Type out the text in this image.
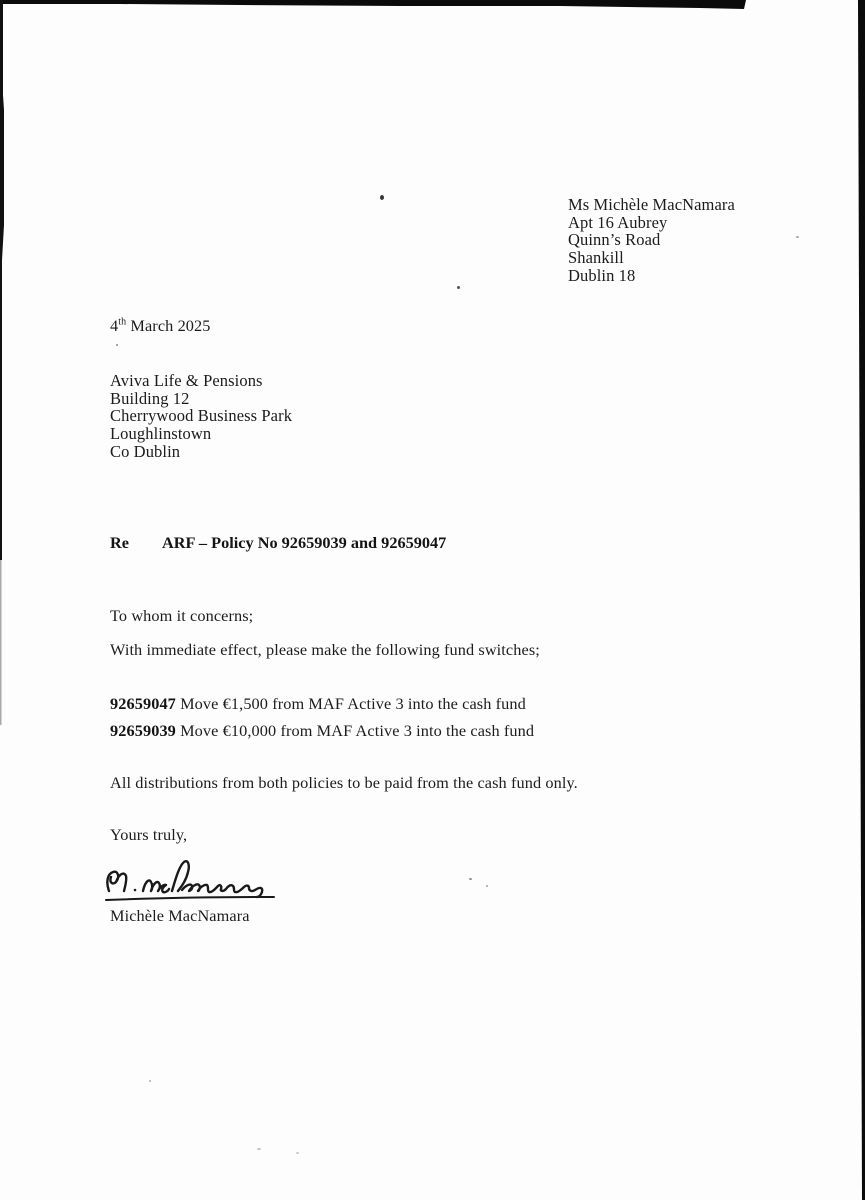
Ms Michèle MacNamara
Apt 16 Aubrey
Quinn’s Road
Shankill
Dublin 18
4th March 2025
Aviva Life & Pensions
Building 12
Cherrywood Business Park
Loughlinstown
Co Dublin
Re ARF – Policy No 92659039 and 92659047
To whom it concerns;
With immediate effect, please make the following fund switches;
92659047 Move €1,500 from MAF Active 3 into the cash fund
92659039 Move €10,000 from MAF Active 3 into the cash fund
All distributions from both policies to be paid from the cash fund only.
Yours truly,
Michèle MacNamara
